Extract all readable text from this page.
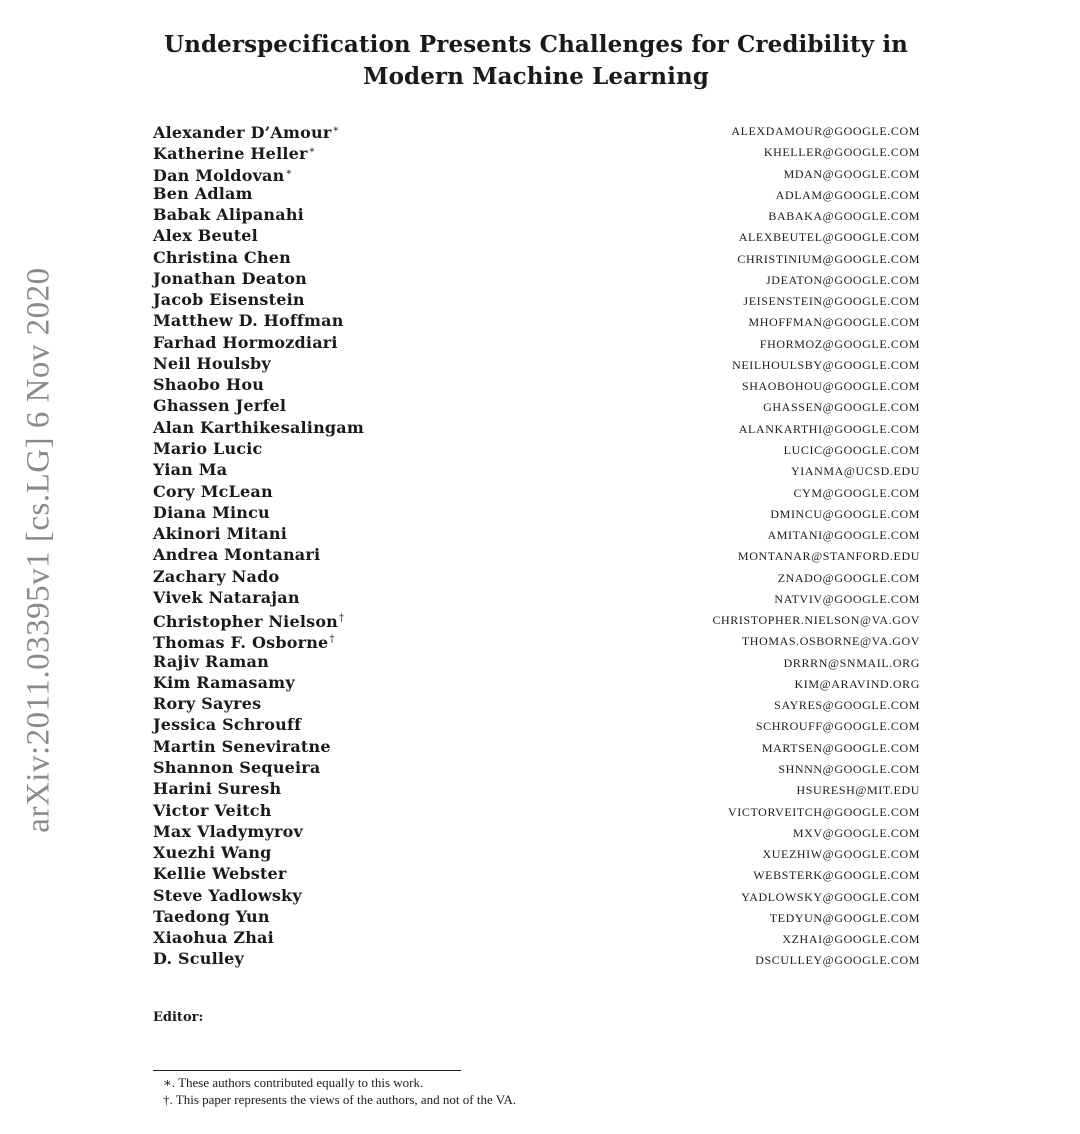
Underspecification Presents Challenges for Credibility in
Modern Machine Learning
arXiv:2011.03395v1 [cs.LG] 6 Nov 2020
Alexander D’Amour∗	ALEXDAMOUR@GOOGLE.COM
Katherine Heller∗	KHELLER@GOOGLE.COM
Dan Moldovan∗	MDAN@GOOGLE.COM
Ben Adlam	ADLAM@GOOGLE.COM
Babak Alipanahi	BABAKA@GOOGLE.COM
Alex Beutel	ALEXBEUTEL@GOOGLE.COM
Christina Chen	CHRISTINIUM@GOOGLE.COM
Jonathan Deaton	JDEATON@GOOGLE.COM
Jacob Eisenstein	JEISENSTEIN@GOOGLE.COM
Matthew D. Hoffman	MHOFFMAN@GOOGLE.COM
Farhad Hormozdiari	FHORMOZ@GOOGLE.COM
Neil Houlsby	NEILHOULSBY@GOOGLE.COM
Shaobo Hou	SHAOBOHOU@GOOGLE.COM
Ghassen Jerfel	GHASSEN@GOOGLE.COM
Alan Karthikesalingam	ALANKARTHI@GOOGLE.COM
Mario Lucic	LUCIC@GOOGLE.COM
Yian Ma	YIANMA@UCSD.EDU
Cory McLean	CYM@GOOGLE.COM
Diana Mincu	DMINCU@GOOGLE.COM
Akinori Mitani	AMITANI@GOOGLE.COM
Andrea Montanari	MONTANAR@STANFORD.EDU
Zachary Nado	ZNADO@GOOGLE.COM
Vivek Natarajan	NATVIV@GOOGLE.COM
Christopher Nielson†	CHRISTOPHER.NIELSON@VA.GOV
Thomas F. Osborne†	THOMAS.OSBORNE@VA.GOV
Rajiv Raman	DRRRN@SNMAIL.ORG
Kim Ramasamy	KIM@ARAVIND.ORG
Rory Sayres	SAYRES@GOOGLE.COM
Jessica Schrouff	SCHROUFF@GOOGLE.COM
Martin Seneviratne	MARTSEN@GOOGLE.COM
Shannon Sequeira	SHNNN@GOOGLE.COM
Harini Suresh	HSURESH@MIT.EDU
Victor Veitch	VICTORVEITCH@GOOGLE.COM
Max Vladymyrov	MXV@GOOGLE.COM
Xuezhi Wang	XUEZHIW@GOOGLE.COM
Kellie Webster	WEBSTERK@GOOGLE.COM
Steve Yadlowsky	YADLOWSKY@GOOGLE.COM
Taedong Yun	TEDYUN@GOOGLE.COM
Xiaohua Zhai	XZHAI@GOOGLE.COM
D. Sculley	DSCULLEY@GOOGLE.COM
Editor:
∗. These authors contributed equally to this work.
†. This paper represents the views of the authors, and not of the VA.
